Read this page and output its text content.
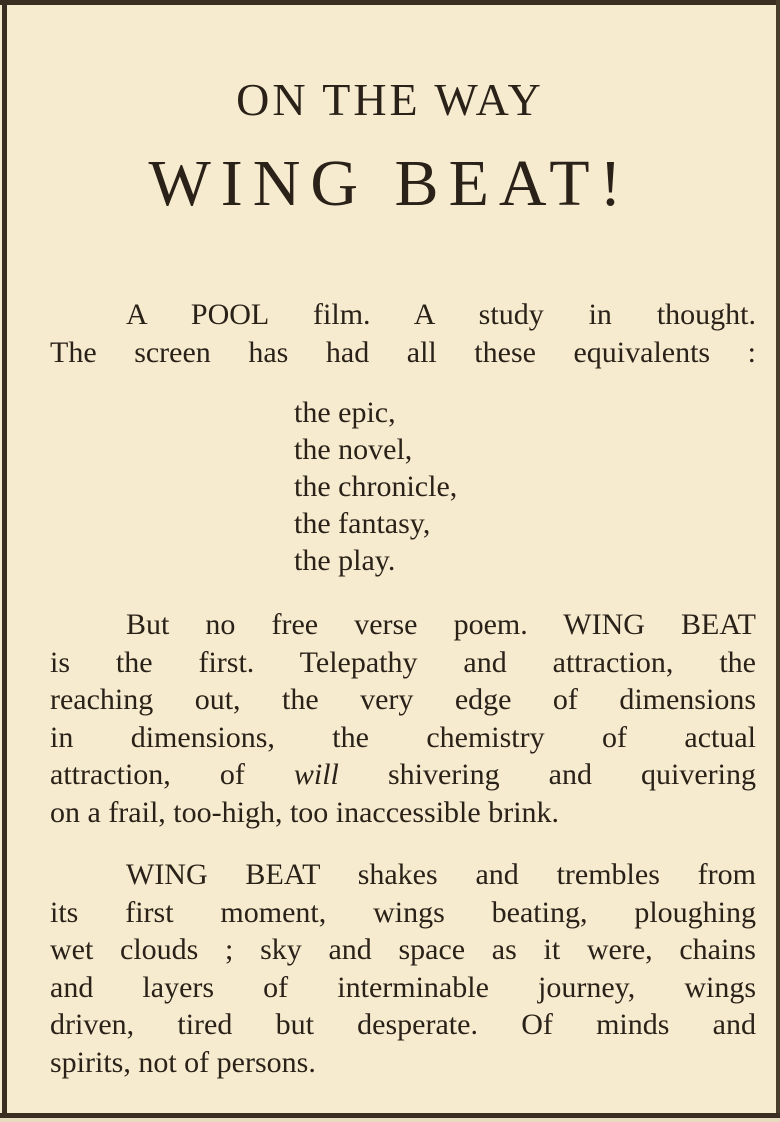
ON THE WAY
WING BEAT!
A POOL film. A study in thought.
The screen has had all these equivalents :
the epic,
the novel,
the chronicle,
the fantasy,
the play.
But no free verse poem. WING BEAT
is the first. Telepathy and attraction, the
reaching out, the very edge of dimensions
in dimensions, the chemistry of actual
attraction, of will shivering and quivering
on a frail, too-high, too inaccessible brink.
WING BEAT shakes and trembles from
its first moment, wings beating, ploughing
wet clouds ; sky and space as it were, chains
and layers of interminable journey, wings
driven, tired but desperate. Of minds and
spirits, not of persons.
